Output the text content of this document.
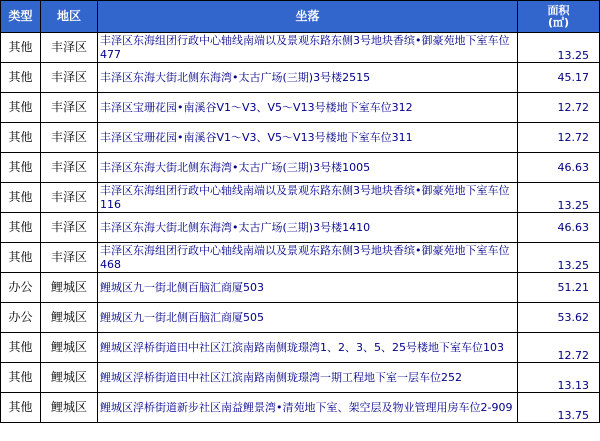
类型	地区	坐落	面积
(㎡)

其他	丰泽区	丰泽区东海组团行政中心轴线南端以及景观东路东侧3号地块香缤•御豪苑地下室车位477	13.25
其他	丰泽区	丰泽区东海大街北侧东海湾•太古广场(三期)3号楼2515	45.17
其他	丰泽区	丰泽区宝珊花园•南溪谷V1～V3、V5～V13号楼地下室车位312	12.72
其他	丰泽区	丰泽区宝珊花园•南溪谷V1～V3、V5～V13号楼地下室车位311	12.72
其他	丰泽区	丰泽区东海大街北侧东海湾•太古广场(三期)3号楼1005	46.63
其他	丰泽区	丰泽区东海组团行政中心轴线南端以及景观东路东侧3号地块香缤•御豪苑地下室车位116	13.25
其他	丰泽区	丰泽区东海大街北侧东海湾•太古广场(三期)3号楼1410	46.63
其他	丰泽区	丰泽区东海组团行政中心轴线南端以及景观东路东侧3号地块香缤•御豪苑地下室车位468	13.25
办公	鲤城区	鲤城区九一街北侧百脑汇商厦503	51.21
办公	鲤城区	鲤城区九一街北侧百脑汇商厦505	53.62
其他	鲤城区	鲤城区浮桥街道田中社区江滨南路南侧珑璟湾1、2、3、5、25号楼地下室车位103	12.72
其他	鲤城区	鲤城区浮桥街道田中社区江滨南路南侧珑璟湾一期工程地下室一层车位252	13.13
其他	鲤城区	鲤城区浮桥街道新步社区南益鲤景湾•清苑地下室、架空层及物业管理用房车位2-909	13.75
